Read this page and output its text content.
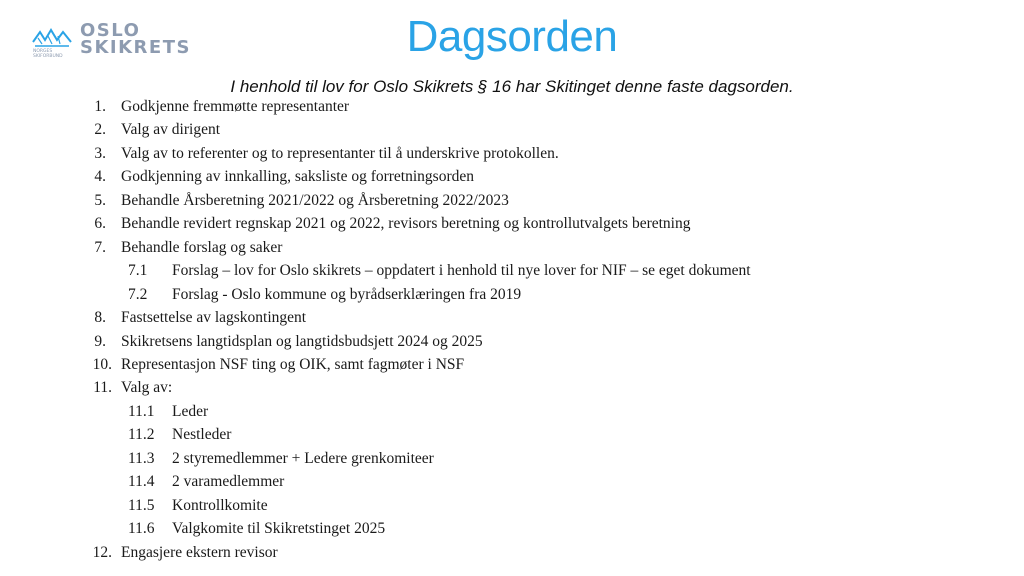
NORGES
SKIFORBUND
OSLO
SKIKRETS	Dagsorden
I henhold til lov for Oslo Skikrets § 16 har Skitinget denne faste dagsorden.
1. Godkjenne fremmøtte representanter
2. Valg av dirigent
3. Valg av to referenter og to representanter til å underskrive protokollen.
4. Godkjenning av innkalling, saksliste og forretningsorden
5. Behandle Årsberetning 2021/2022 og Årsberetning 2022/2023
6. Behandle revidert regnskap 2021 og 2022, revisors beretning og kontrollutvalgets beretning
7. Behandle forslag og saker
7.1 Forslag – lov for Oslo skikrets – oppdatert i henhold til nye lover for NIF – se eget dokument
7.2 Forslag - Oslo kommune og byrådserklæringen fra 2019
8. Fastsettelse av lagskontingent
9. Skikretsens langtidsplan og langtidsbudsjett 2024 og 2025
10. Representasjon NSF ting og OIK, samt fagmøter i NSF
11. Valg av:
11.1 Leder
11.2 Nestleder
11.3 2 styremedlemmer + Ledere grenkomiteer
11.4 2 varamedlemmer
11.5 Kontrollkomite
11.6 Valgkomite til Skikretstinget 2025
12. Engasjere ekstern revisor
